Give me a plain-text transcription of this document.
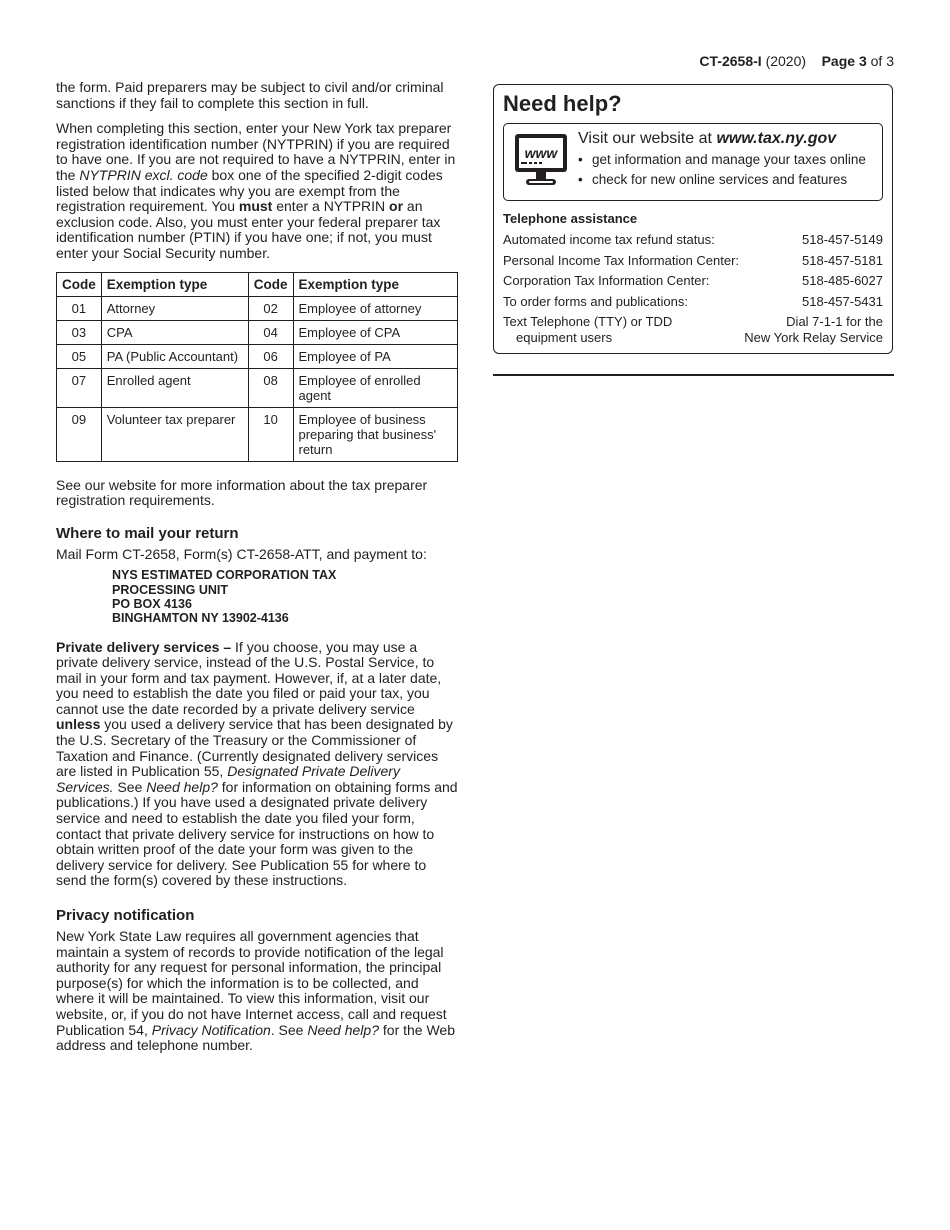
CT-2658-I (2020) Page 3 of 3

the form. Paid preparers may be subject to civil and/or criminal sanctions if they fail to complete this section in full.

When completing this section, enter your New York tax preparer registration identification number (NYTPRIN) if you are required to have one. If you are not required to have a NYTPRIN, enter in the NYTPRIN excl. code box one of the specified 2-digit codes listed below that indicates why you are exempt from the registration requirement. You must enter a NYTPRIN or an exclusion code. Also, you must enter your federal preparer tax identification number (PTIN) if you have one; if not, you must enter your Social Security number.

Code	Exemption type	Code	Exemption type
01	Attorney	02	Employee of attorney
03	CPA	04	Employee of CPA
05	PA (Public Accountant)	06	Employee of PA
07	Enrolled agent	08	Employee of enrolled agent
09	Volunteer tax preparer	10	Employee of business preparing that business' return

See our website for more information about the tax preparer registration requirements.

Where to mail your return

Mail Form CT-2658, Form(s) CT-2658-ATT, and payment to:

NYS ESTIMATED CORPORATION TAX
PROCESSING UNIT
PO BOX 4136
BINGHAMTON NY 13902-4136

Private delivery services – If you choose, you may use a private delivery service, instead of the U.S. Postal Service, to mail in your form and tax payment. However, if, at a later date, you need to establish the date you filed or paid your tax, you cannot use the date recorded by a private delivery service unless you used a delivery service that has been designated by the U.S. Secretary of the Treasury or the Commissioner of Taxation and Finance. (Currently designated delivery services are listed in Publication 55, Designated Private Delivery Services. See Need help? for information on obtaining forms and publications.) If you have used a designated private delivery service and need to establish the date you filed your form, contact that private delivery service for instructions on how to obtain written proof of the date your form was given to the delivery service for delivery. See Publication 55 for where to send the form(s) covered by these instructions.

Privacy notification

New York State Law requires all government agencies that maintain a system of records to provide notification of the legal authority for any request for personal information, the principal purpose(s) for which the information is to be collected, and where it will be maintained. To view this information, visit our website, or, if you do not have Internet access, call and request Publication 54, Privacy Notification. See Need help? for the Web address and telephone number.

Need help?
www

Visit our website at www.tax.ny.gov

• get information and manage your taxes online
• check for new online services and features
Telephone assistance
Automated income tax refund status:	518-457-5149
Personal Income Tax Information Center:	518-457-5181
Corporation Tax Information Center:	518-485-6027
To order forms and publications:	518-457-5431
Text Telephone (TTY) or TDD
equipment users
Dial 7-1-1 for the
New York Relay Service
